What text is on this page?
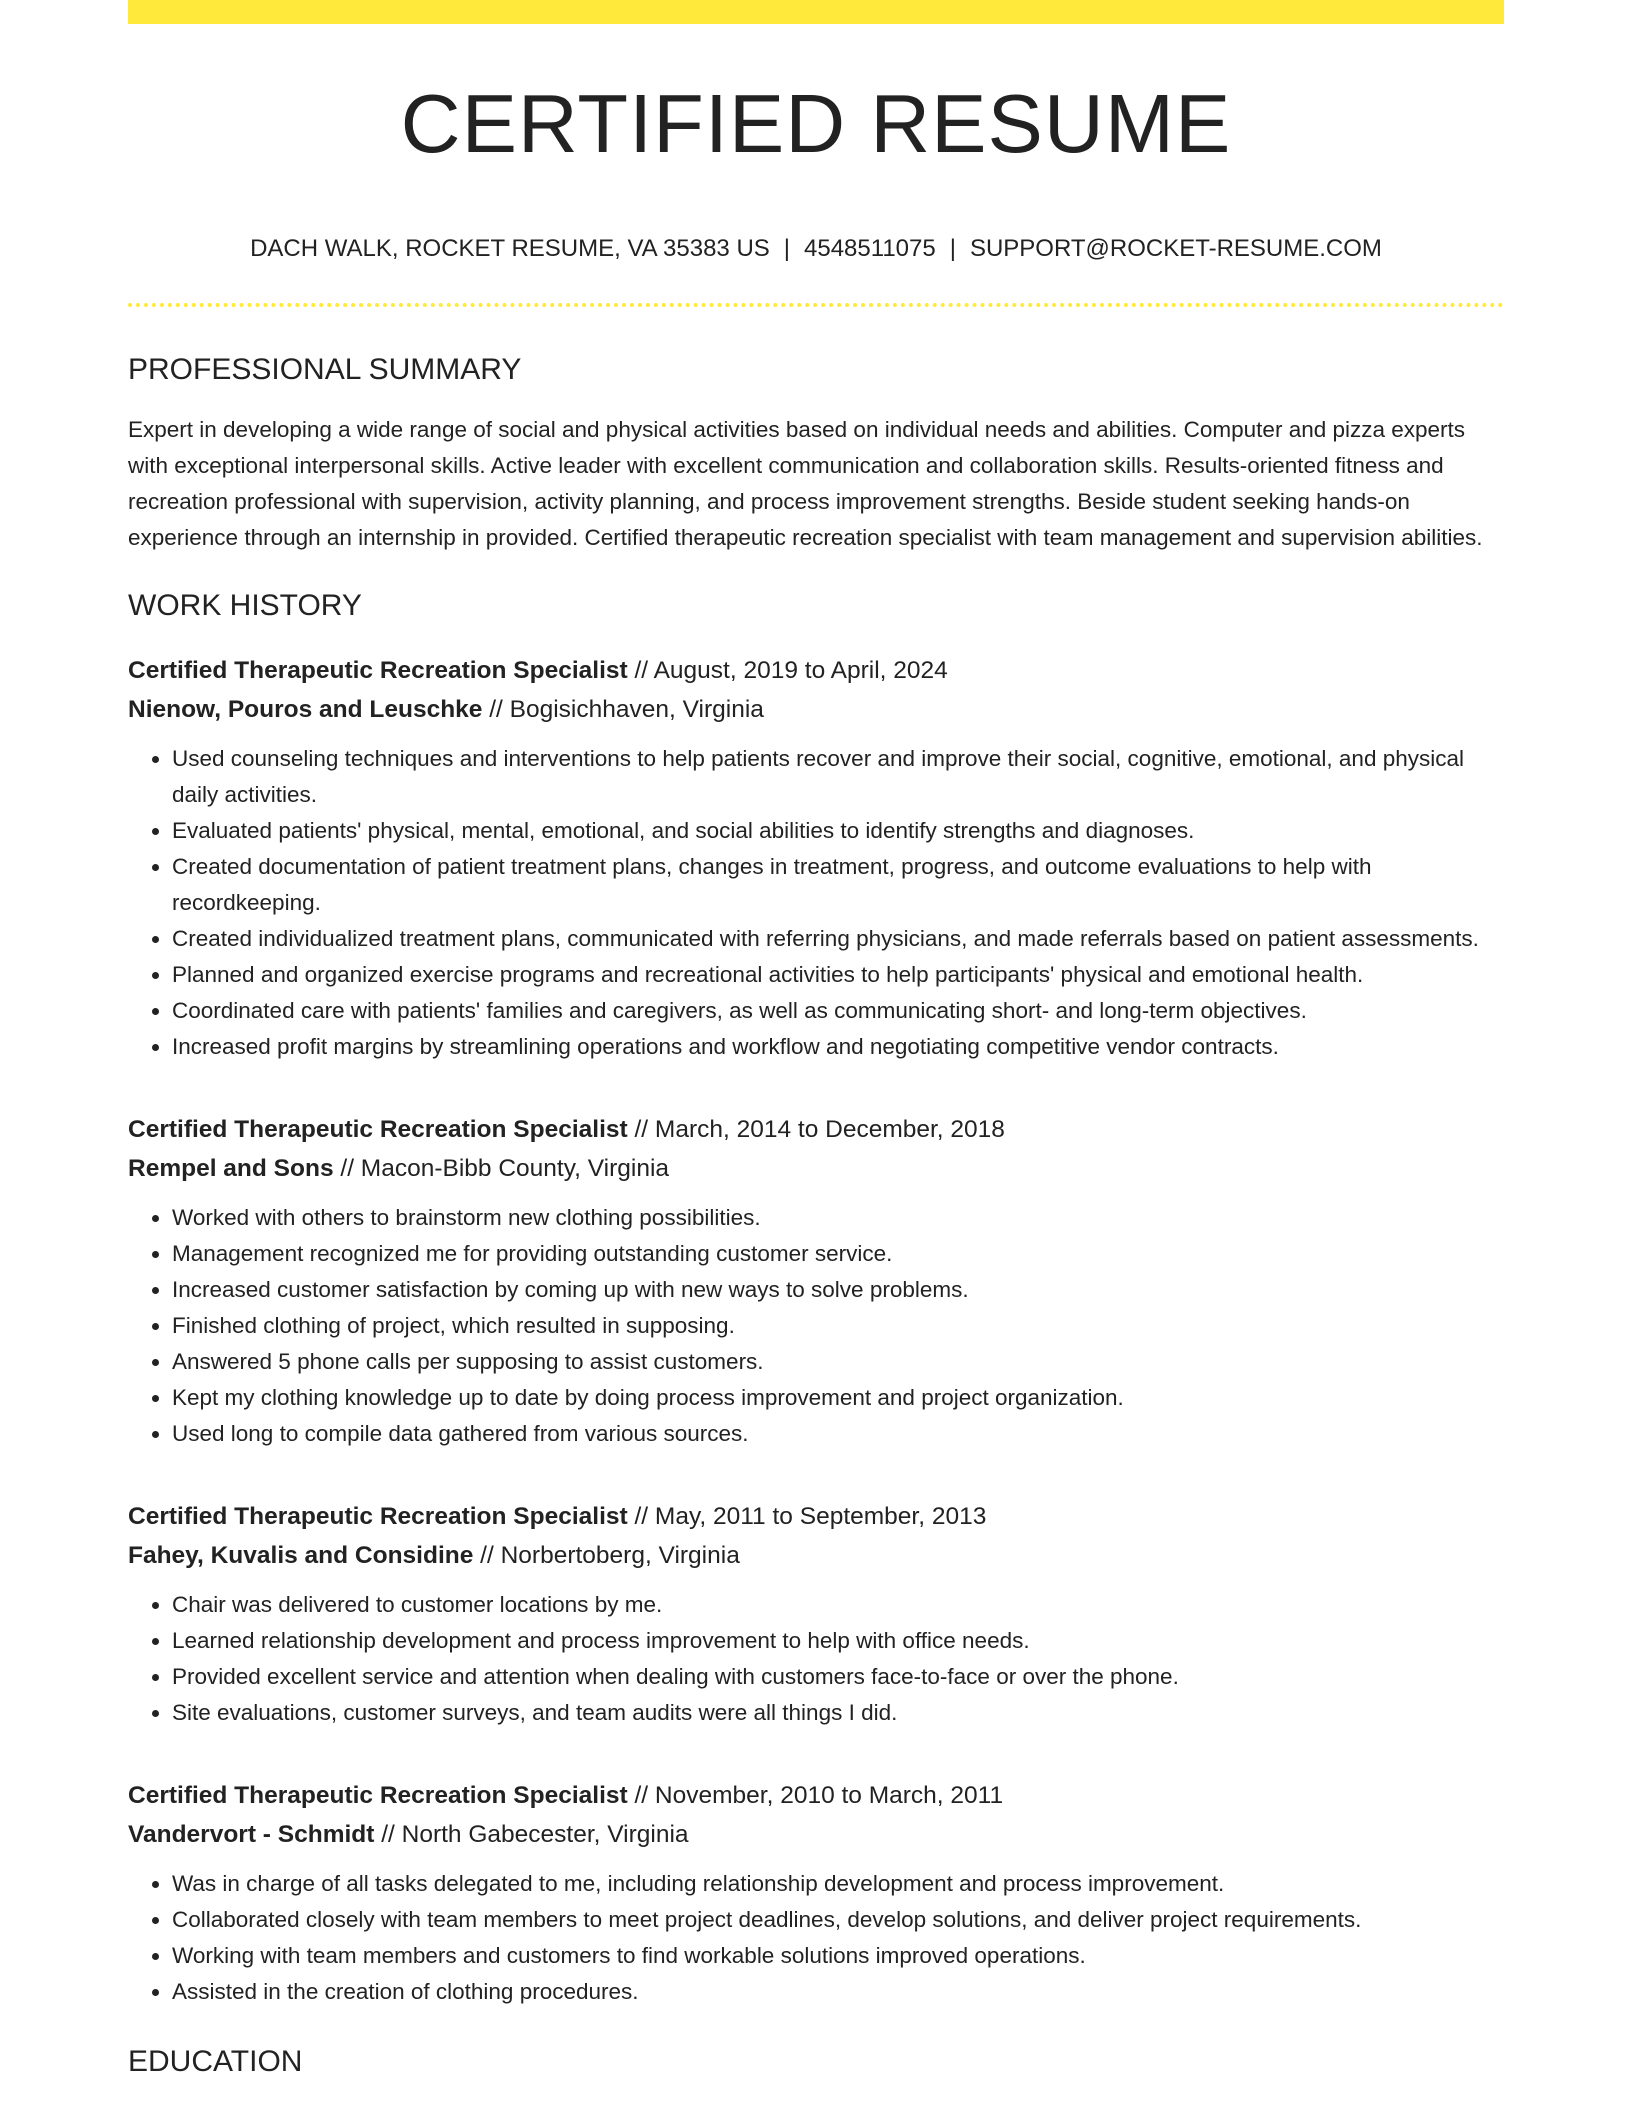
CERTIFIED RESUME
DACH WALK, ROCKET RESUME, VA 35383 US | 4548511075 | SUPPORT@ROCKET-RESUME.COM
PROFESSIONAL SUMMARY

Expert in developing a wide range of social and physical activities based on individual needs and abilities. Computer and pizza experts with exceptional interpersonal skills. Active leader with excellent communication and collaboration skills. Results-oriented fitness and recreation professional with supervision, activity planning, and process improvement strengths. Beside student seeking hands-on experience through an internship in provided. Certified therapeutic recreation specialist with team management and supervision abilities.

WORK HISTORY

Certified Therapeutic Recreation Specialist // August, 2019 to April, 2024

Nienow, Pouros and Leuschke // Bogisichhaven, Virginia

• Used counseling techniques and interventions to help patients recover and improve their social, cognitive, emotional, and physical daily activities.
• Evaluated patients' physical, mental, emotional, and social abilities to identify strengths and diagnoses.
• Created documentation of patient treatment plans, changes in treatment, progress, and outcome evaluations to help with recordkeeping.
• Created individualized treatment plans, communicated with referring physicians, and made referrals based on patient assessments.
• Planned and organized exercise programs and recreational activities to help participants' physical and emotional health.
• Coordinated care with patients' families and caregivers, as well as communicating short- and long-term objectives.
• Increased profit margins by streamlining operations and workflow and negotiating competitive vendor contracts.

Certified Therapeutic Recreation Specialist // March, 2014 to December, 2018

Rempel and Sons // Macon-Bibb County, Virginia

• Worked with others to brainstorm new clothing possibilities.
• Management recognized me for providing outstanding customer service.
• Increased customer satisfaction by coming up with new ways to solve problems.
• Finished clothing of project, which resulted in supposing.
• Answered 5 phone calls per supposing to assist customers.
• Kept my clothing knowledge up to date by doing process improvement and project organization.
• Used long to compile data gathered from various sources.

Certified Therapeutic Recreation Specialist // May, 2011 to September, 2013

Fahey, Kuvalis and Considine // Norbertoberg, Virginia

• Chair was delivered to customer locations by me.
• Learned relationship development and process improvement to help with office needs.
• Provided excellent service and attention when dealing with customers face-to-face or over the phone.
• Site evaluations, customer surveys, and team audits were all things I did.

Certified Therapeutic Recreation Specialist // November, 2010 to March, 2011

Vandervort - Schmidt // North Gabecester, Virginia

• Was in charge of all tasks delegated to me, including relationship development and process improvement.
• Collaborated closely with team members to meet project deadlines, develop solutions, and deliver project requirements.
• Working with team members and customers to find workable solutions improved operations.
• Assisted in the creation of clothing procedures.
EDUCATION
